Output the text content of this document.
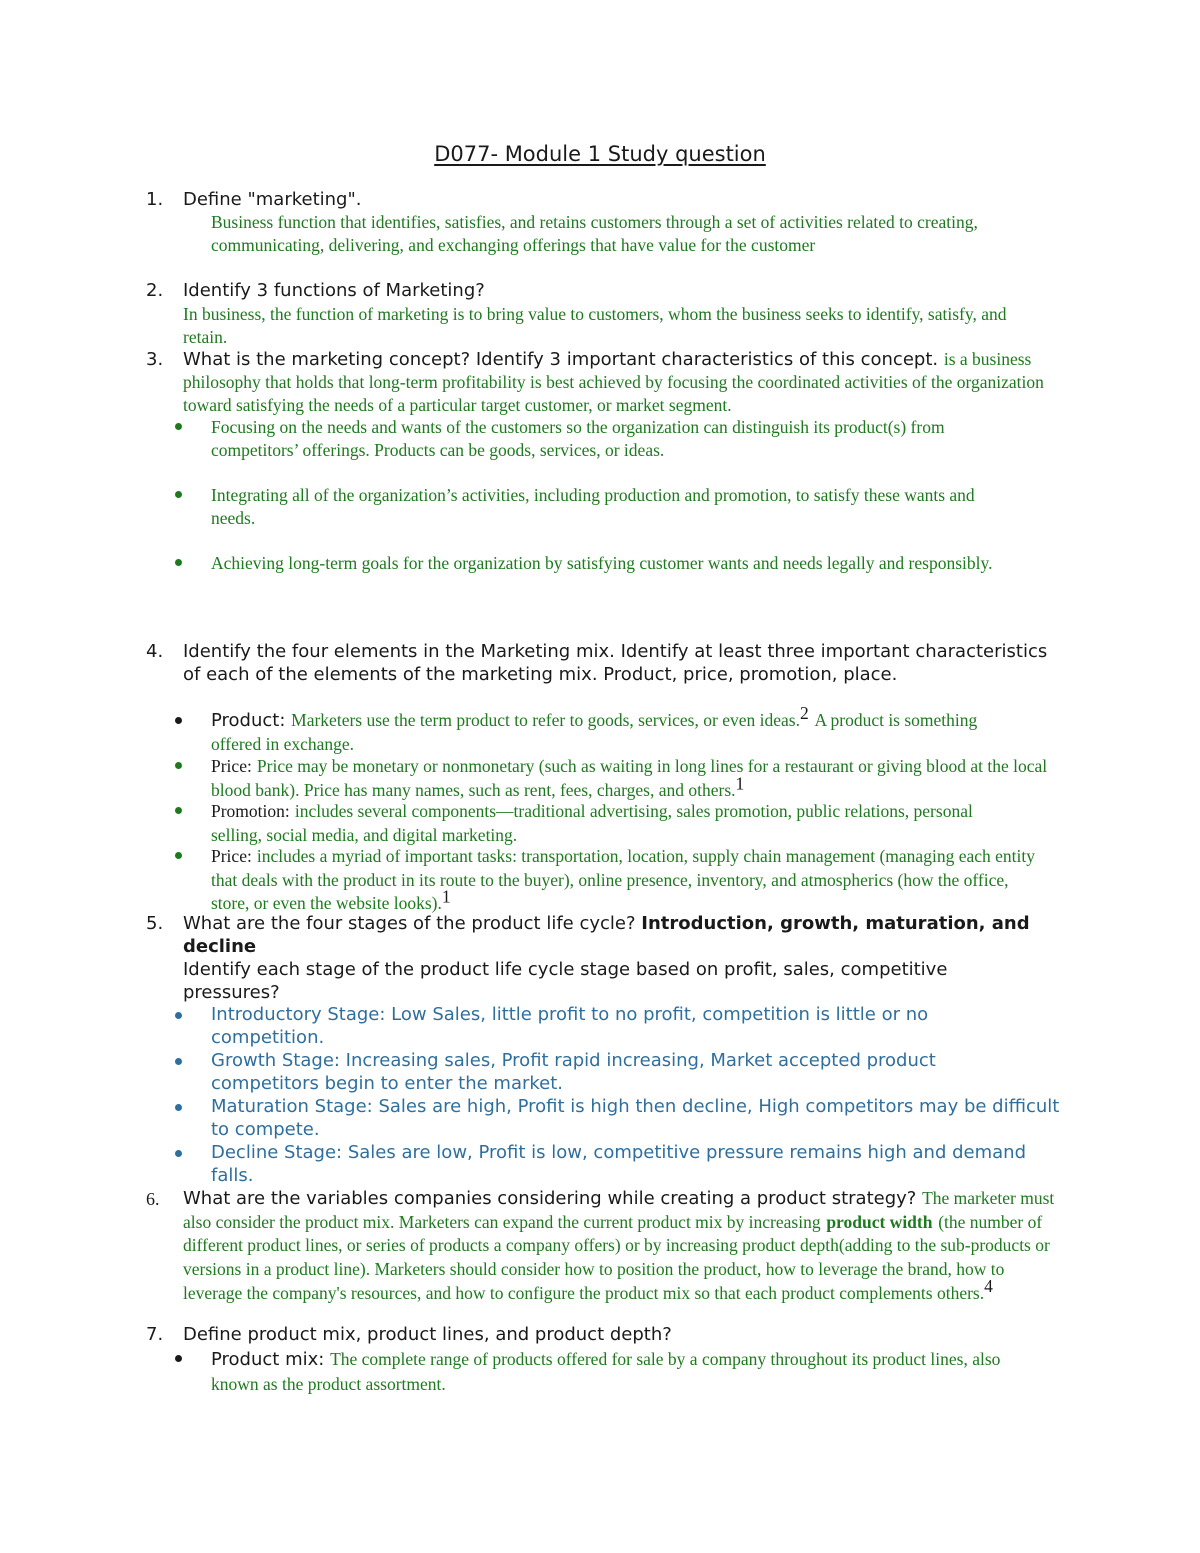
D077- Module 1 Study question
1. Define "marketing".
Business function that identifies, satisfies, and retains customers through a set of activities related to creating, communicating, delivering, and exchanging offerings that have value for the customer
2. Identify 3 functions of Marketing?
In business, the function of marketing is to bring value to customers, whom the business seeks to identify, satisfy, and retain.
3. What is the marketing concept? Identify 3 important characteristics of this concept. is a business philosophy that holds that long-term profitability is best achieved by focusing the coordinated activities of the organization toward satisfying the needs of a particular target customer, or market segment.
Focusing on the needs and wants of the customers so the organization can distinguish its product(s) from competitors’ offerings. Products can be goods, services, or ideas.
Integrating all of the organization’s activities, including production and promotion, to satisfy these wants and needs.
Achieving long-term goals for the organization by satisfying customer wants and needs legally and responsibly.
4. Identify the four elements in the Marketing mix. Identify at least three important characteristics of each of the elements of the marketing mix. Product, price, promotion, place.
Product: Marketers use the term product to refer to goods, services, or even ideas.$^2$ A product is something offered in exchange.
Price: Price may be monetary or nonmonetary (such as waiting in long lines for a restaurant or giving blood at the local blood bank). Price has many names, such as rent, fees, charges, and others.$^1$
Promotion: includes several components—traditional advertising, sales promotion, public relations, personal selling, social media, and digital marketing.
Price: includes a myriad of important tasks: transportation, location, supply chain management (managing each entity that deals with the product in its route to the buyer), online presence, inventory, and atmospherics (how the office, store, or even the website looks).$^1$
5. What are the four stages of the product life cycle? Introduction, growth, maturation, and decline
Identify each stage of the product life cycle stage based on profit, sales, competitive pressures?
Introductory Stage: Low Sales, little profit to no profit, competition is little or no competition.
Growth Stage: Increasing sales, Profit rapid increasing, Market accepted product competitors begin to enter the market.
Maturation Stage: Sales are high, Profit is high then decline, High competitors may be difficult to compete.
Decline Stage: Sales are low, Profit is low, competitive pressure remains high and demand falls.
6. What are the variables companies considering while creating a product strategy? The marketer must also consider the product mix. Marketers can expand the current product mix by increasing product width (the number of different product lines, or series of products a company offers) or by increasing product depth(adding to the sub-products or versions in a product line). Marketers should consider how to position the product, how to leverage the brand, how to leverage the company's resources, and how to configure the product mix so that each product complements others.$^4$
7. Define product mix, product lines, and product depth?
Product mix: The complete range of products offered for sale by a company throughout its product lines, also known as the product assortment.
